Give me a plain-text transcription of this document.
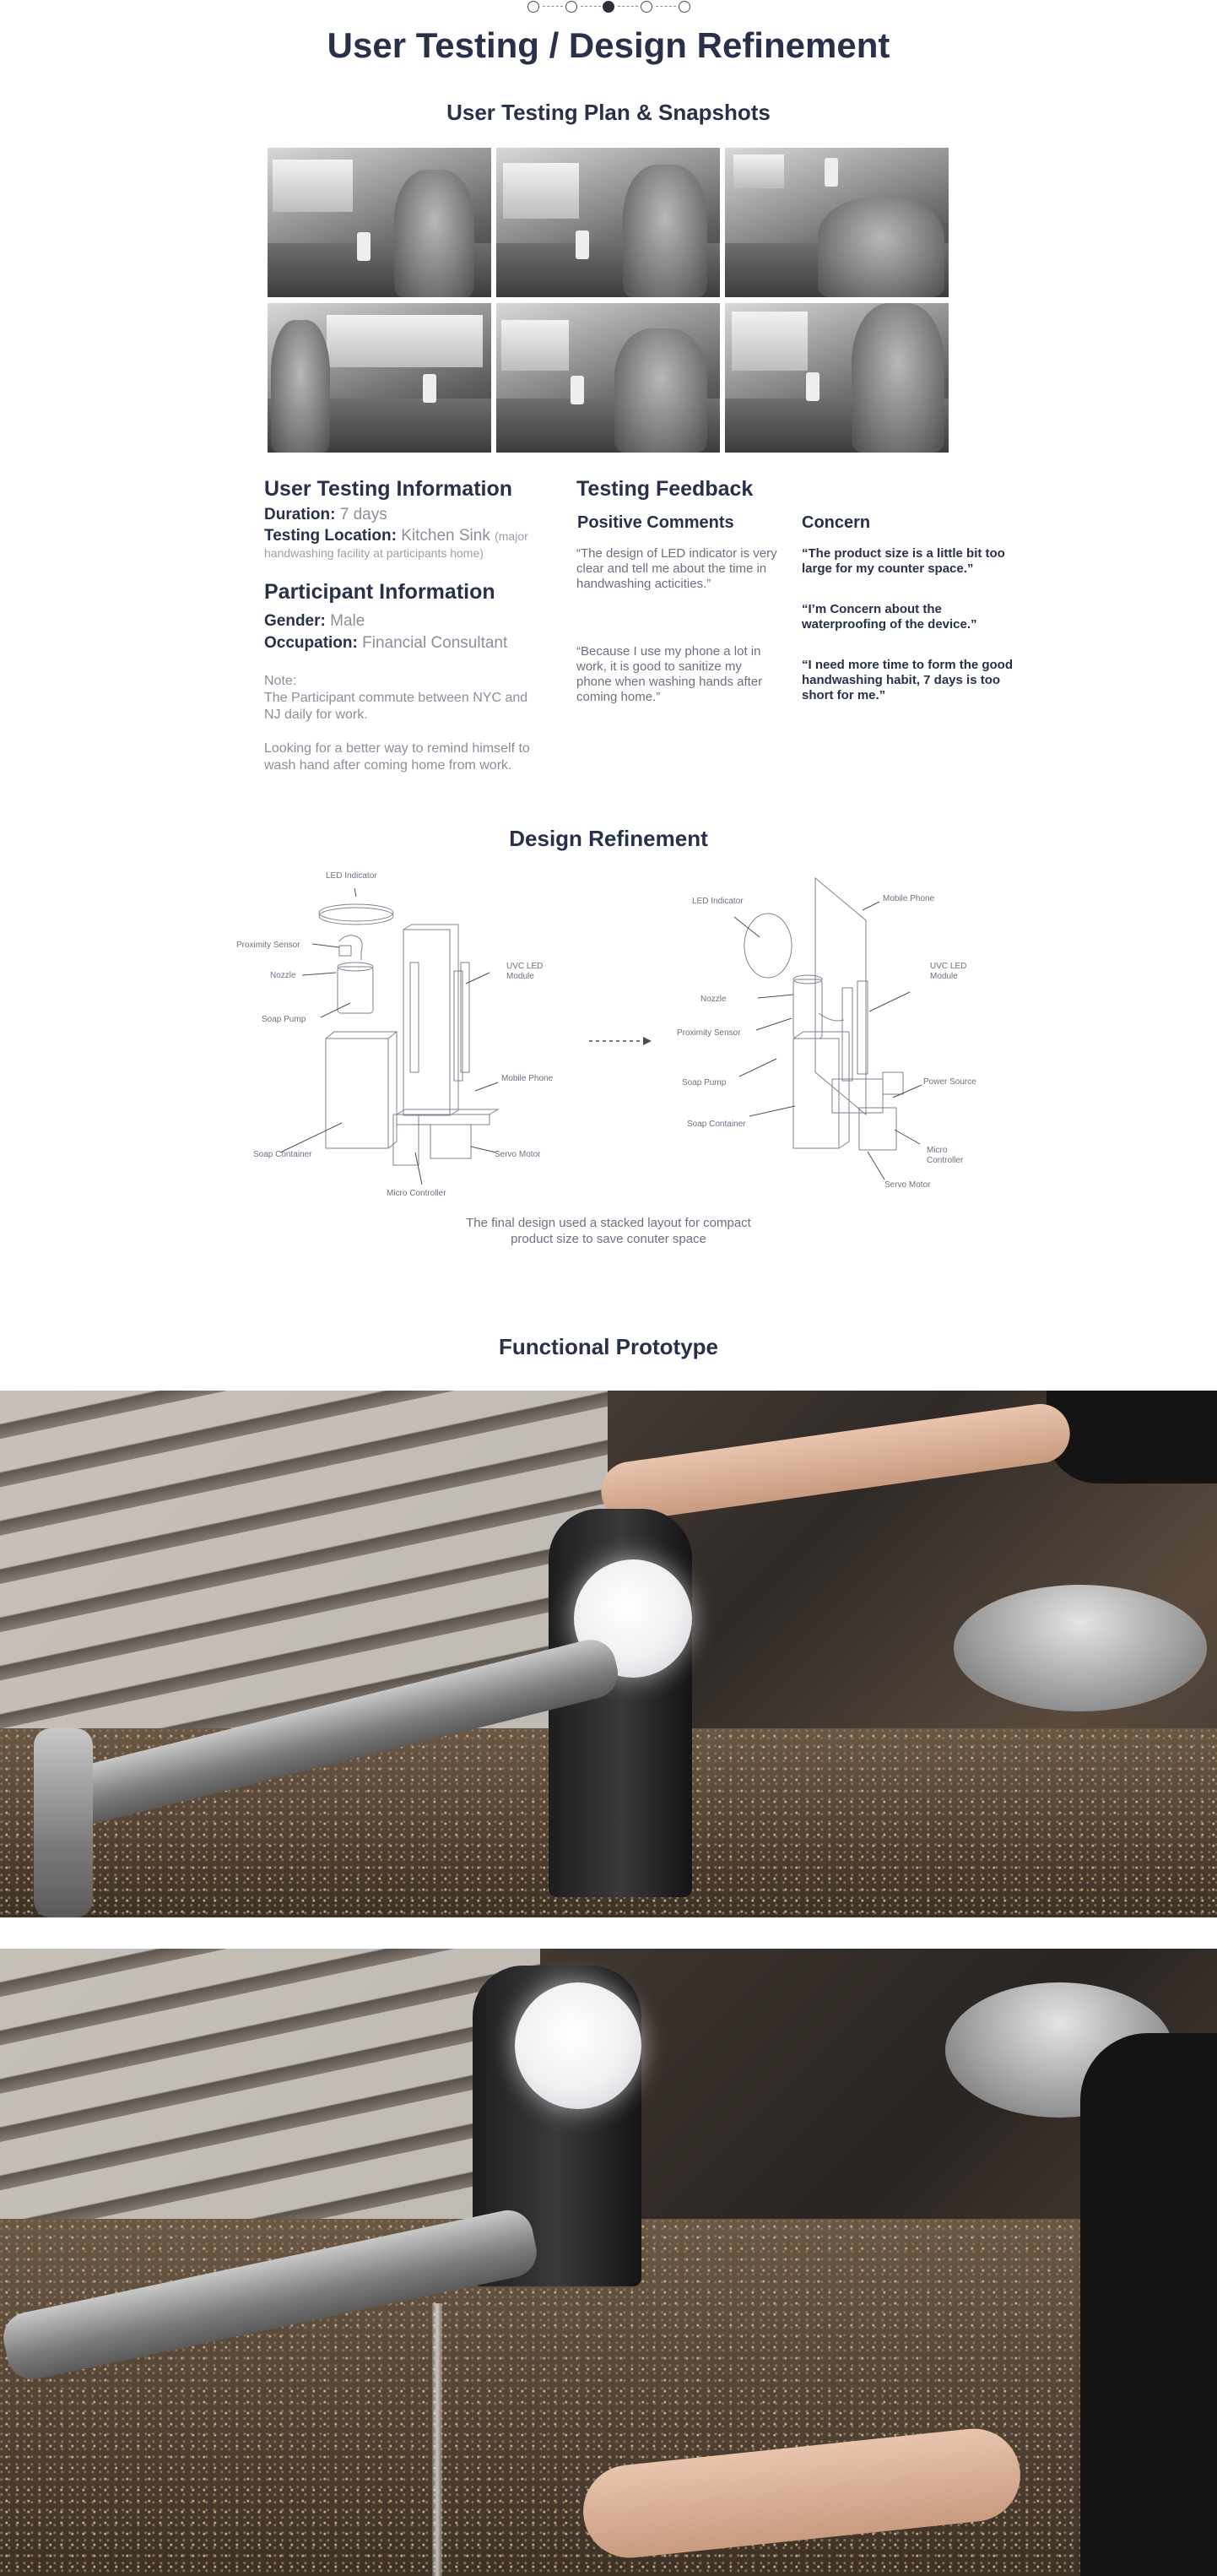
User Testing / Design Refinement
User Testing Plan & Snapshots
User Testing Information
Duration: 7 days
Testing Location: Kitchen Sink (major handwashing facility at participants home)
Participant Information
Gender: Male
Occupation: Financial Consultant
Note:
The Participant commute between NYC and NJ daily for work.
Looking for a better way to remind himself to wash hand after coming home from work.
Testing Feedback
Positive Comments
“The design of LED indicator is very clear and tell me about the time in handwashing acticities.”
“Because I use my phone a lot in work, it is good to sanitize my phone when washing hands after coming home.”
Concern
“The product size is a little bit too large for my counter space.”
“I’m Concern about the waterproofing of the device.”
“I need more time to form the good handwashing habit, 7 days is too short for me.”
Design Refinement
LED Indicator
Proximity Sensor
Nozzle
Soap Pump
UVC LED
Module
Mobile Phone
Soap Container	Servo Motor
Micro Controller
LED Indicator	Mobile Phone
UVC LED
Module
Nozzle
Proximity Sensor
Soap Pump	Power Source
Soap Container
Micro
Controller
Servo Motor
The final design used a stacked layout for compact
product size to save conuter space
Functional Prototype
